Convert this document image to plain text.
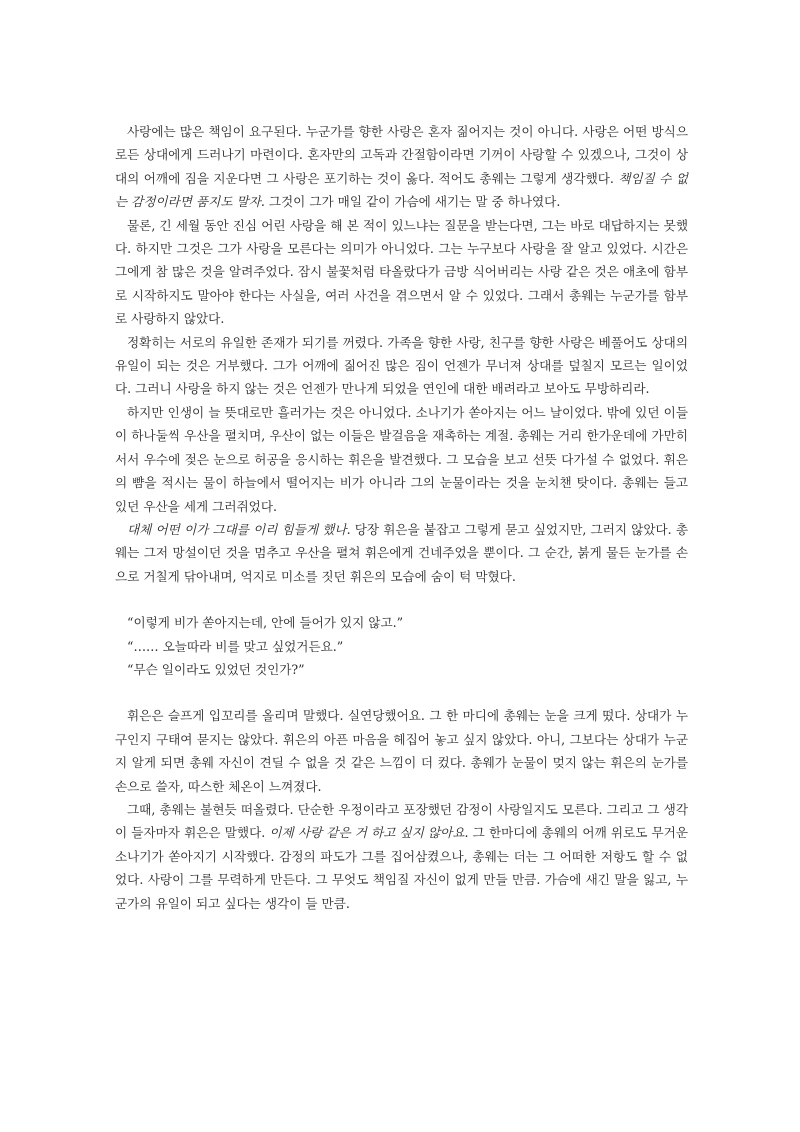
사랑에는 많은 책임이 요구된다. 누군가를 향한 사랑은 혼자 짊어지는 것이 아니다. 사랑은 어떤 방식으로든 상대에게 드러나기 마련이다. 혼자만의 고독과 간절함이라면 기꺼이 사랑할 수 있겠으나, 그것이 상대의 어깨에 짐을 지운다면 그 사랑은 포기하는 것이 옳다. 적어도 총웨는 그렇게 생각했다. 책임질 수 없는 감정이라면 품지도 말자. 그것이 그가 매일 같이 가슴에 새기는 말 중 하나였다.

물론, 긴 세월 동안 진심 어린 사랑을 해 본 적이 있느냐는 질문을 받는다면, 그는 바로 대답하지는 못했다. 하지만 그것은 그가 사랑을 모른다는 의미가 아니었다. 그는 누구보다 사랑을 잘 알고 있었다. 시간은 그에게 참 많은 것을 알려주었다. 잠시 불꽃처럼 타올랐다가 금방 식어버리는 사랑 같은 것은 애초에 함부로 시작하지도 말아야 한다는 사실을, 여러 사건을 겪으면서 알 수 있었다. 그래서 총웨는 누군가를 함부로 사랑하지 않았다.

정확히는 서로의 유일한 존재가 되기를 꺼렸다. 가족을 향한 사랑, 친구를 향한 사랑은 베풀어도 상대의 유일이 되는 것은 거부했다. 그가 어깨에 짊어진 많은 짐이 언젠가 무너져 상대를 덮칠지 모르는 일이었다. 그러니 사랑을 하지 않는 것은 언젠가 만나게 되었을 연인에 대한 배려라고 보아도 무방하리라.

하지만 인생이 늘 뜻대로만 흘러가는 것은 아니었다. 소나기가 쏟아지는 어느 날이었다. 밖에 있던 이들이 하나둘씩 우산을 펼치며, 우산이 없는 이들은 발걸음을 재촉하는 계절. 총웨는 거리 한가운데에 가만히 서서 우수에 젖은 눈으로 허공을 응시하는 휘은을 발견했다. 그 모습을 보고 선뜻 다가설 수 없었다. 휘은의 뺨을 적시는 물이 하늘에서 떨어지는 비가 아니라 그의 눈물이라는 것을 눈치챈 탓이다. 총웨는 들고 있던 우산을 세게 그러쥐었다.

대체 어떤 이가 그대를 이리 힘들게 했나. 당장 휘은을 붙잡고 그렇게 묻고 싶었지만, 그러지 않았다. 총웨는 그저 망설이던 것을 멈추고 우산을 펼쳐 휘은에게 건네주었을 뿐이다. 그 순간, 붉게 물든 눈가를 손으로 거칠게 닦아내며, 억지로 미소를 짓던 휘은의 모습에 숨이 턱 막혔다.

“이렇게 비가 쏟아지는데, 안에 들어가 있지 않고.”

“…… 오늘따라 비를 맞고 싶었거든요.”

“무슨 일이라도 있었던 것인가?”

휘은은 슬프게 입꼬리를 올리며 말했다. 실연당했어요. 그 한 마디에 총웨는 눈을 크게 떴다. 상대가 누구인지 구태여 묻지는 않았다. 휘은의 아픈 마음을 헤집어 놓고 싶지 않았다. 아니, 그보다는 상대가 누군지 알게 되면 총웨 자신이 견딜 수 없을 것 같은 느낌이 더 컸다. 총웨가 눈물이 멎지 않는 휘은의 눈가를 손으로 쓸자, 따스한 체온이 느껴졌다.

그때, 총웨는 불현듯 떠올렸다. 단순한 우정이라고 포장했던 감정이 사랑일지도 모른다. 그리고 그 생각이 들자마자 휘은은 말했다. 이제 사랑 같은 거 하고 싶지 않아요. 그 한마디에 총웨의 어깨 위로도 무거운 소나기가 쏟아지기 시작했다. 감정의 파도가 그를 집어삼켰으나, 총웨는 더는 그 어떠한 저항도 할 수 없었다. 사랑이 그를 무력하게 만든다. 그 무엇도 책임질 자신이 없게 만들 만큼. 가슴에 새긴 말을 잃고, 누군가의 유일이 되고 싶다는 생각이 들 만큼.
